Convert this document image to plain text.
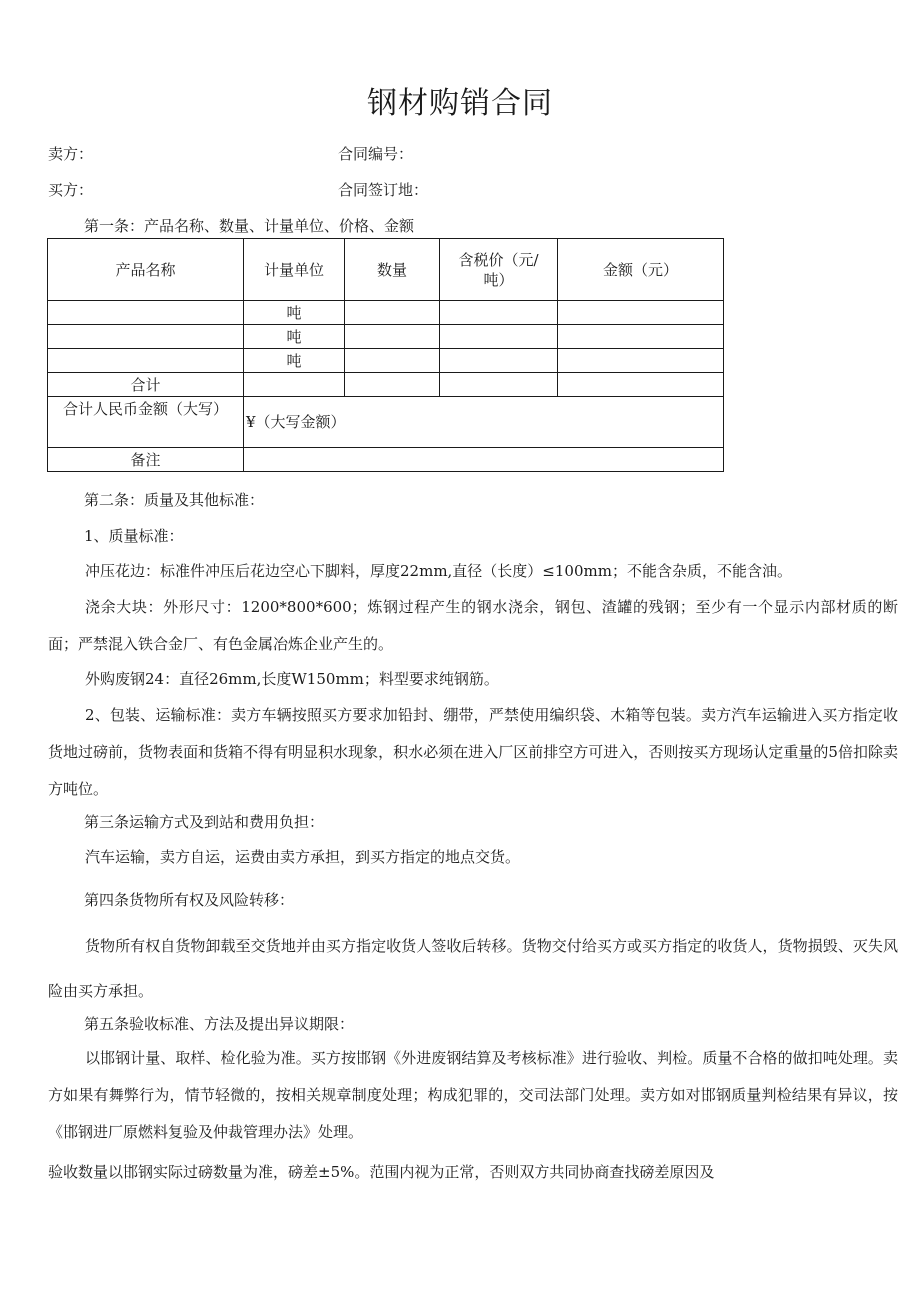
钢材购销合同
卖方：	合同编号：
买方：	合同签订地：
第一条：产品名称、数量、计量单位、价格、金额
产品名称	计量单位	数量	含税价（元/吨）	金额（元）
	吨			
	吨			
	吨			
合计				
合计人民币金额（大写）	¥（大写金额）			
备注				
第二条：质量及其他标准：
1、质量标准：
冲压花边：标准件冲压后花边空心下脚料，厚度22mm,直径（长度）≤100mm；不能含杂质，不能含油。
浇余大块：外形尺寸：1200*800*600；炼钢过程产生的钢水浇余，钢包、渣罐的残钢；至少有一个显示内部材质的断面；严禁混入铁合金厂、有色金属冶炼企业产生的。
外购废钢24：直径26mm,长度W150mm；料型要求纯钢筋。
2、包装、运输标准：卖方车辆按照买方要求加铅封、绷带，严禁使用编织袋、木箱等包装。卖方汽车运输进入买方指定收货地过磅前，货物表面和货箱不得有明显积水现象，积水必须在进入厂区前排空方可进入，否则按买方现场认定重量的5倍扣除卖方吨位。
第三条运输方式及到站和费用负担：
汽车运输，卖方自运，运费由卖方承担，到买方指定的地点交货。
第四条货物所有权及风险转移：
货物所有权自货物卸载至交货地并由买方指定收货人签收后转移。货物交付给买方或买方指定的收货人，货物损毁、灭失风险由买方承担。
第五条验收标准、方法及提出异议期限：
以邯钢计量、取样、检化验为准。买方按邯钢《外进废钢结算及考核标准》进行验收、判检。质量不合格的做扣吨处理。卖方如果有舞弊行为，情节轻微的，按相关规章制度处理；构成犯罪的，交司法部门处理。卖方如对邯钢质量判检结果有异议，按《邯钢进厂原燃料复验及仲裁管理办法》处理。
验收数量以邯钢实际过磅数量为准，磅差±5%。范围内视为正常，否则双方共同协商查找磅差原因及
